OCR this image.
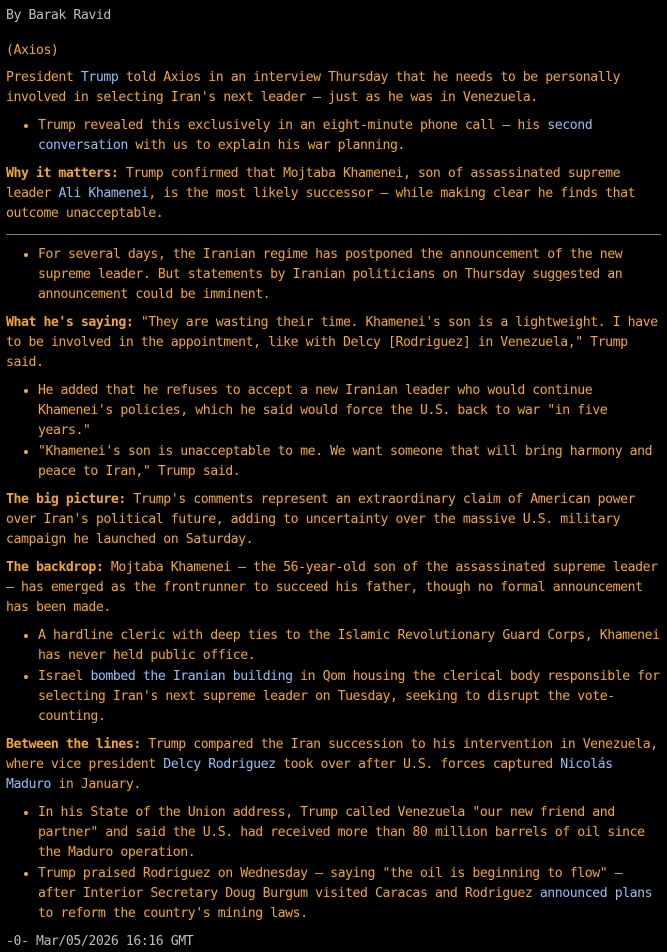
By Barak Ravid
(Axios)

President Trump told Axios in an interview Thursday that he needs to be personally involved in selecting Iran's next leader — just as he was in Venezuela.

• Trump revealed this exclusively in an eight-minute phone call — his second conversation with us to explain his war planning.

Why it matters: Trump confirmed that Mojtaba Khamenei, son of assassinated supreme leader Ali Khamenei, is the most likely successor — while making clear he finds that outcome unacceptable.

• For several days, the Iranian regime has postponed the announcement of the new supreme leader. But statements by Iranian politicians on Thursday suggested an announcement could be imminent.

What he's saying: "They are wasting their time. Khamenei's son is a lightweight. I have to be involved in the appointment, like with Delcy [Rodriguez] in Venezuela," Trump said.

• He added that he refuses to accept a new Iranian leader who would continue Khamenei's policies, which he said would force the U.S. back to war "in five years."
• "Khamenei's son is unacceptable to me. We want someone that will bring harmony and peace to Iran," Trump said.

The big picture: Trump's comments represent an extraordinary claim of American power over Iran's political future, adding to uncertainty over the massive U.S. military campaign he launched on Saturday.

The backdrop: Mojtaba Khamenei — the 56-year-old son of the assassinated supreme leader — has emerged as the frontrunner to succeed his father, though no formal announcement has been made.

• A hardline cleric with deep ties to the Islamic Revolutionary Guard Corps, Khamenei has never held public office.
• Israel bombed the Iranian building in Qom housing the clerical body responsible for selecting Iran's next supreme leader on Tuesday, seeking to disrupt the vote-counting.

Between the lines: Trump compared the Iran succession to his intervention in Venezuela, where vice president Delcy Rodriguez took over after U.S. forces captured Nicolás Maduro in January.

• In his State of the Union address, Trump called Venezuela "our new friend and partner" and said the U.S. had received more than 80 million barrels of oil since the Maduro operation.
• Trump praised Rodriguez on Wednesday — saying "the oil is beginning to flow" — after Interior Secretary Doug Burgum visited Caracas and Rodriguez announced plans to reform the country's mining laws.
-0- Mar/05/2026 16:16 GMT
